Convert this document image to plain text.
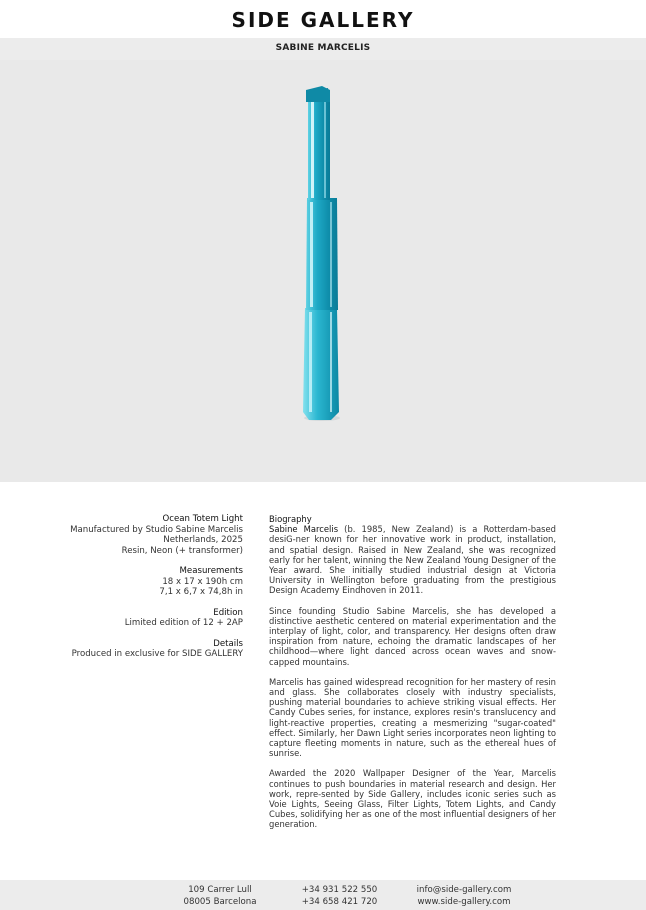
SIDE GALLERY
SABINE MARCELIS
Ocean Totem Light
Manufactured by Studio Sabine Marcelis
Netherlands, 2025
Resin, Neon (+ transformer)
Measurements
18 x 17 x 190h cm
7,1 x 6,7 x 74,8h in
Edition
Limited edition of 12 + 2AP
Details
Produced in exclusive for SIDE GALLERY
Biography

Sabine Marcelis (b. 1985, New Zealand) is a Rotterdam-based desiG-ner known for her innovative work in product, installation, and spatial design. Raised in New Zealand, she was recognized early for her talent, winning the New Zealand Young Designer of the Year award. She initially studied industrial design at Victoria University in Wellington before graduating from the prestigious Design Academy Eindhoven in 2011.

Since founding Studio Sabine Marcelis, she has developed a distinctive aesthetic centered on material experimentation and the interplay of light, color, and transparency. Her designs often draw inspiration from nature, echoing the dramatic landscapes of her childhood—where light danced across ocean waves and snow-capped mountains.

Marcelis has gained widespread recognition for her mastery of resin and glass. She collaborates closely with industry specialists, pushing material boundaries to achieve striking visual effects. Her Candy Cubes series, for instance, explores resin's translucency and light-reactive properties, creating a mesmerizing "sugar-coated" effect. Similarly, her Dawn Light series incorporates neon lighting to capture fleeting moments in nature, such as the ethereal hues of sunrise.

Awarded the 2020 Wallpaper Designer of the Year, Marcelis continues to push boundaries in material research and design. Her work, repre-sented by Side Gallery, includes iconic series such as Voie Lights, Seeing Glass, Filter Lights, Totem Lights, and Candy Cubes, solidifying her as one of the most influential designers of her generation.

109 Carrer Lull
08005 Barcelona
+34 931 522 550
+34 658 421 720
info@side-gallery.com
www.side-gallery.com
